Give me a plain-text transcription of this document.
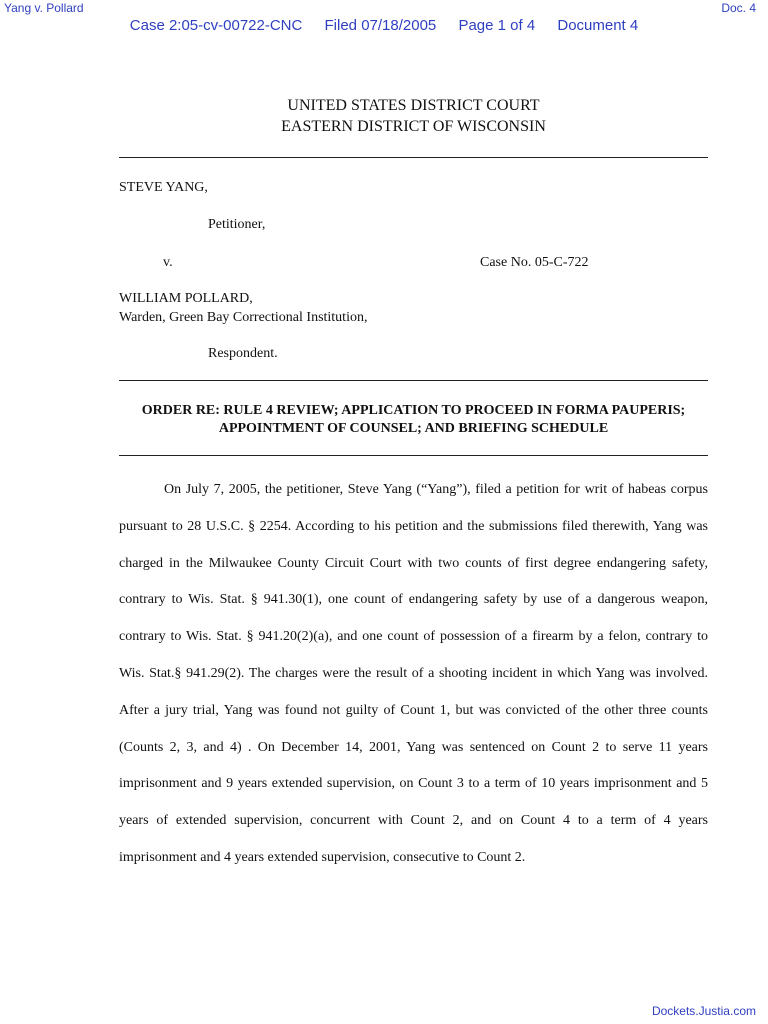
Yang v. Pollard	Doc. 4
Case 2:05-cv-00722-CNC Filed 07/18/2005 Page 1 of 4 Document 4
UNITED STATES DISTRICT COURT
EASTERN DISTRICT OF WISCONSIN
STEVE YANG,
Petitioner,
v.	Case No. 05-C-722
WILLIAM POLLARD,
Warden, Green Bay Correctional Institution,
Respondent.
ORDER RE: RULE 4 REVIEW; APPLICATION TO PROCEED IN FORMA PAUPERIS;
APPOINTMENT OF COUNSEL; AND BRIEFING SCHEDULE

On July 7, 2005, the petitioner, Steve Yang (“Yang”), filed a petition for writ of habeas corpus pursuant to 28 U.S.C. § 2254. According to his petition and the submissions filed therewith, Yang was charged in the Milwaukee County Circuit Court with two counts of first degree endangering safety, contrary to Wis. Stat. § 941.30(1), one count of endangering safety by use of a dangerous weapon, contrary to Wis. Stat. § 941.20(2)(a), and one count of possession of a firearm by a felon, contrary to Wis. Stat.§ 941.29(2). The charges were the result of a shooting incident in which Yang was involved. After a jury trial, Yang was found not guilty of Count 1, but was convicted of the other three counts (Counts 2, 3, and 4) . On December 14, 2001, Yang was sentenced on Count 2 to serve 11 years imprisonment and 9 years extended supervision, on Count 3 to a term of 10 years imprisonment and 5 years of extended supervision, concurrent with Count 2, and on Count 4 to a term of 4 years imprisonment and 4 years extended supervision, consecutive to Count 2.

Dockets.Justia.com
